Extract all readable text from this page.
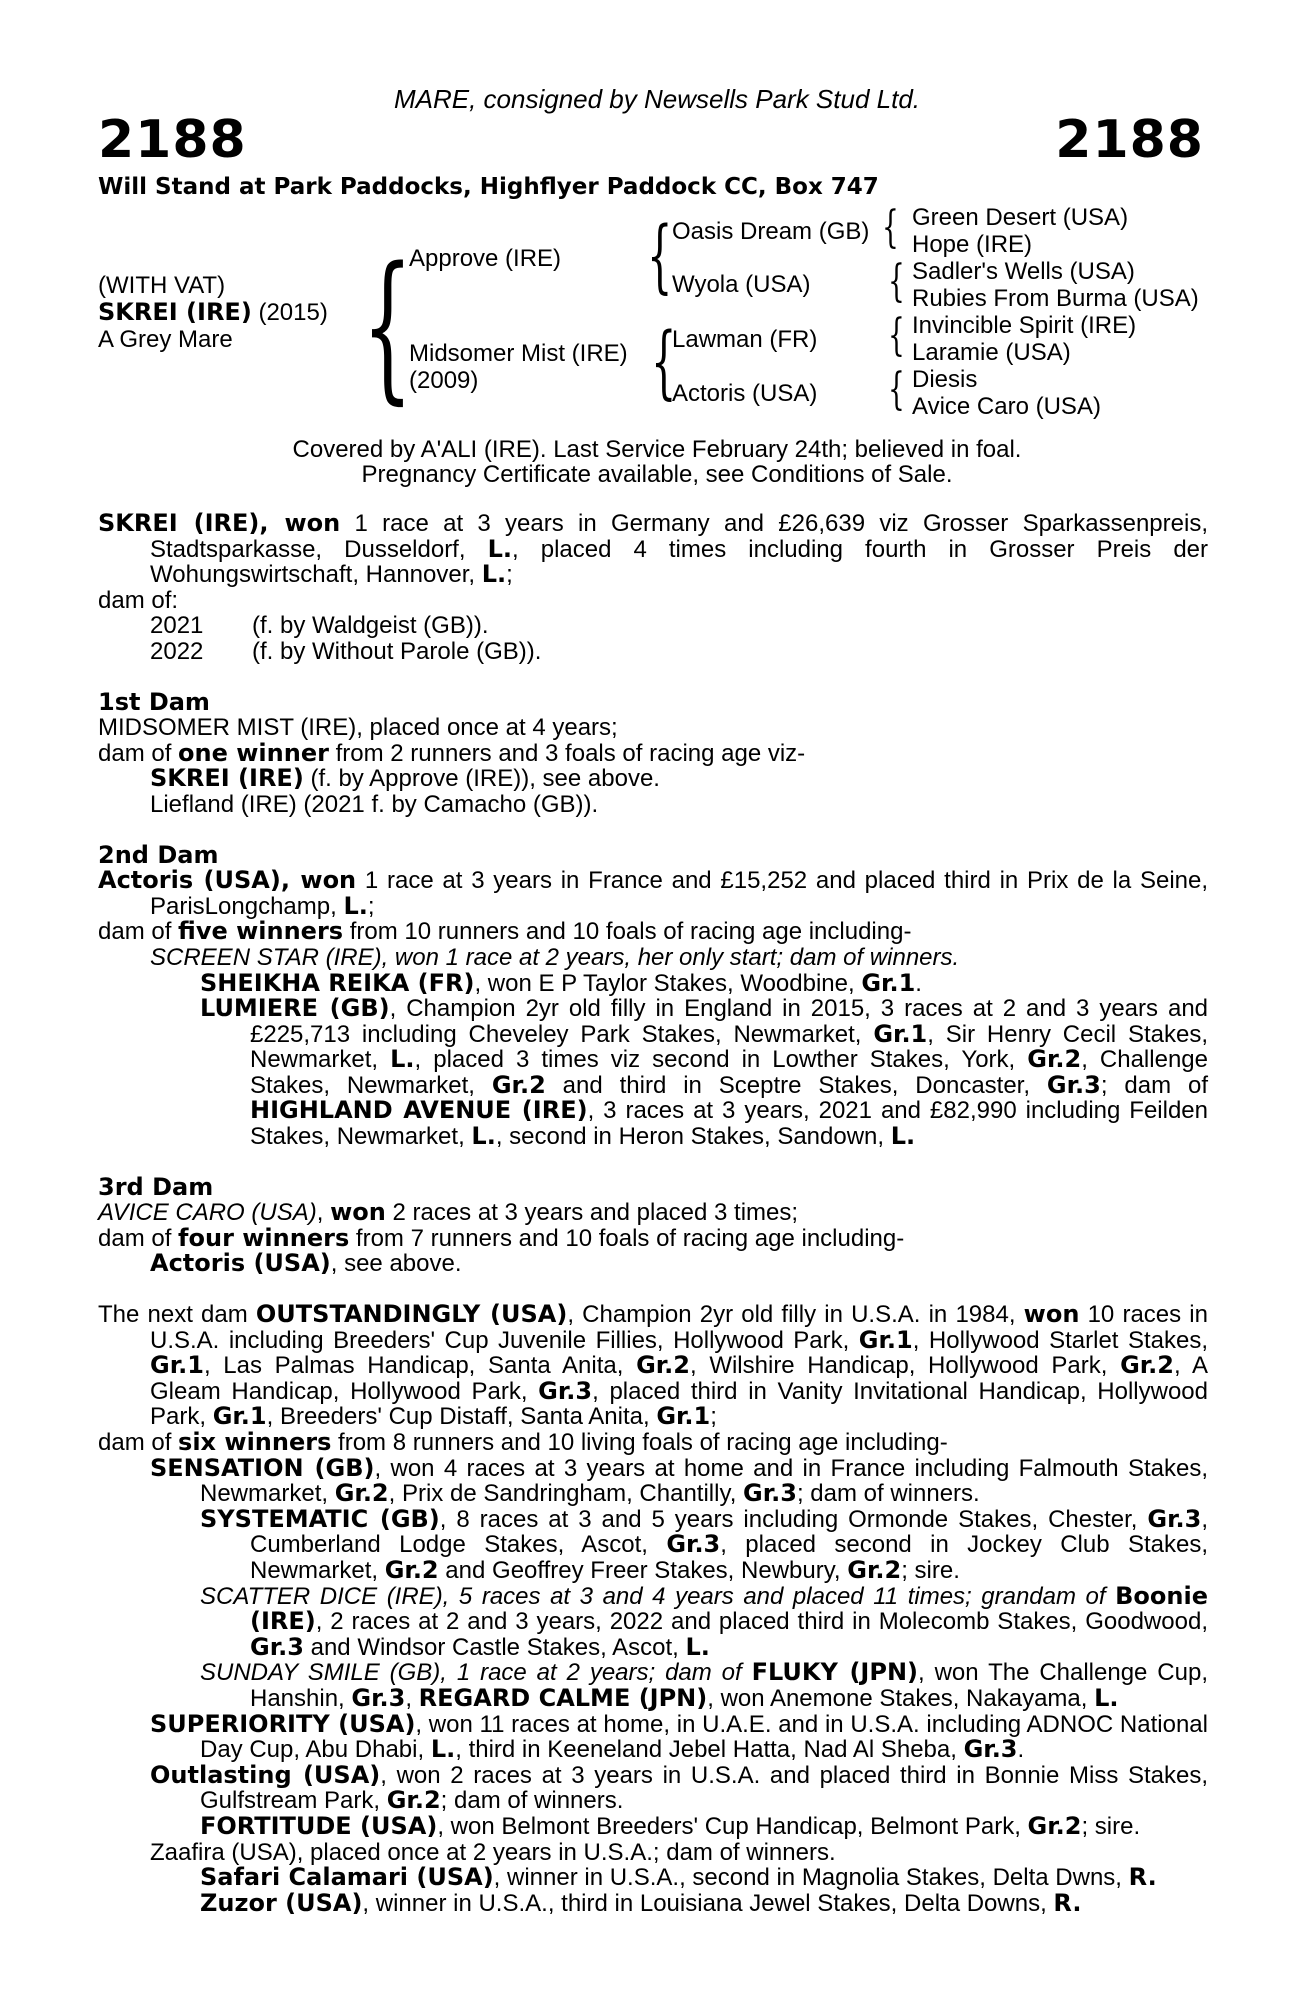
MARE, consigned by Newsells Park Stud Ltd.
2188	2188
Will Stand at Park Paddocks, Highflyer Paddock CC, Box 747
(WITH VAT)
SKREI (IRE) (2015)
A Grey Mare {
Approve (IRE)
Midsomer Mist (IRE)
(2009)
{
{
Oasis Dream (GB)
Wyola (USA)
Lawman (FR)
Actoris (USA)
{
{
{
{
Green Desert (USA)
Hope (IRE)
Sadler's Wells (USA)
Rubies From Burma (USA)
Invincible Spirit (IRE)
Laramie (USA)
Diesis
Avice Caro (USA)
Covered by A'ALI (IRE). Last Service February 24th; believed in foal.
Pregnancy Certificate available, see Conditions of Sale.

SKREI (IRE), won 1 race at 3 years in Germany and £26,639 viz Grosser Sparkassenpreis, Stadtsparkasse, Dusseldorf, L., placed 4 times including fourth in Grosser Preis der Wohungswirtschaft, Hannover, L.;

dam of:

2021 (f. by Waldgeist (GB)).

2022 (f. by Without Parole (GB)).

1st Dam

MIDSOMER MIST (IRE), placed once at 4 years;

dam of one winner from 2 runners and 3 foals of racing age viz-

SKREI (IRE) (f. by Approve (IRE)), see above.

Liefland (IRE) (2021 f. by Camacho (GB)).

2nd Dam

Actoris (USA), won 1 race at 3 years in France and £15,252 and placed third in Prix de la Seine, ParisLongchamp, L.;

dam of five winners from 10 runners and 10 foals of racing age including-

SCREEN STAR (IRE), won 1 race at 2 years, her only start; dam of winners.

SHEIKHA REIKA (FR), won E P Taylor Stakes, Woodbine, Gr.1.

LUMIERE (GB), Champion 2yr old filly in England in 2015, 3 races at 2 and 3 years and £225,713 including Cheveley Park Stakes, Newmarket, Gr.1, Sir Henry Cecil Stakes, Newmarket, L., placed 3 times viz second in Lowther Stakes, York, Gr.2, Challenge Stakes, Newmarket, Gr.2 and third in Sceptre Stakes, Doncaster, Gr.3; dam of HIGHLAND AVENUE (IRE), 3 races at 3 years, 2021 and £82,990 including Feilden Stakes, Newmarket, L., second in Heron Stakes, Sandown, L.

3rd Dam

AVICE CARO (USA), won 2 races at 3 years and placed 3 times;

dam of four winners from 7 runners and 10 foals of racing age including-

Actoris (USA), see above.

The next dam OUTSTANDINGLY (USA), Champion 2yr old filly in U.S.A. in 1984, won 10 races in U.S.A. including Breeders' Cup Juvenile Fillies, Hollywood Park, Gr.1, Hollywood Starlet Stakes, Gr.1, Las Palmas Handicap, Santa Anita, Gr.2, Wilshire Handicap, Hollywood Park, Gr.2, A Gleam Handicap, Hollywood Park, Gr.3, placed third in Vanity Invitational Handicap, Hollywood Park, Gr.1, Breeders' Cup Distaff, Santa Anita, Gr.1;

dam of six winners from 8 runners and 10 living foals of racing age including-

SENSATION (GB), won 4 races at 3 years at home and in France including Falmouth Stakes, Newmarket, Gr.2, Prix de Sandringham, Chantilly, Gr.3; dam of winners.

SYSTEMATIC (GB), 8 races at 3 and 5 years including Ormonde Stakes, Chester, Gr.3, Cumberland Lodge Stakes, Ascot, Gr.3, placed second in Jockey Club Stakes, Newmarket, Gr.2 and Geoffrey Freer Stakes, Newbury, Gr.2; sire.

SCATTER DICE (IRE), 5 races at 3 and 4 years and placed 11 times; grandam of Boonie (IRE), 2 races at 2 and 3 years, 2022 and placed third in Molecomb Stakes, Goodwood, Gr.3 and Windsor Castle Stakes, Ascot, L.

SUNDAY SMILE (GB), 1 race at 2 years; dam of FLUKY (JPN), won The Challenge Cup, Hanshin, Gr.3, REGARD CALME (JPN), won Anemone Stakes, Nakayama, L.

SUPERIORITY (USA), won 11 races at home, in U.A.E. and in U.S.A. including ADNOC National Day Cup, Abu Dhabi, L., third in Keeneland Jebel Hatta, Nad Al Sheba, Gr.3.

Outlasting (USA), won 2 races at 3 years in U.S.A. and placed third in Bonnie Miss Stakes, Gulfstream Park, Gr.2; dam of winners.

FORTITUDE (USA), won Belmont Breeders' Cup Handicap, Belmont Park, Gr.2; sire.

Zaafira (USA), placed once at 2 years in U.S.A.; dam of winners.

Safari Calamari (USA), winner in U.S.A., second in Magnolia Stakes, Delta Dwns, R.

Zuzor (USA), winner in U.S.A., third in Louisiana Jewel Stakes, Delta Downs, R.
